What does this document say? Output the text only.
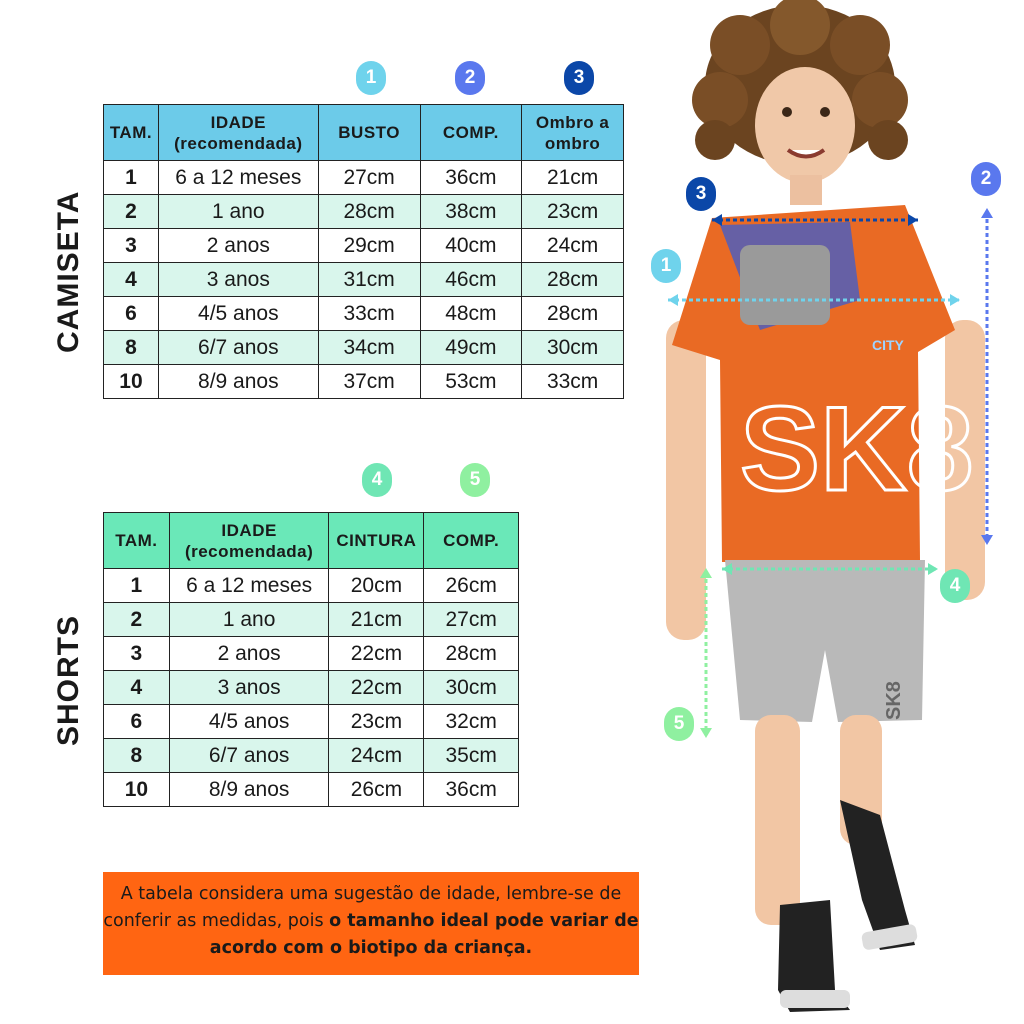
CAMISETA
SHORTS
1	2	3
TAM.	IDADE (recomendada)	BUSTO	COMP.	Ombro a ombro
1	6 a 12 meses	27cm	36cm	21cm
2	1 ano	28cm	38cm	23cm
3	2 anos	29cm	40cm	24cm
4	3 anos	31cm	46cm	28cm
6	4/5 anos	33cm	48cm	28cm
8	6/7 anos	34cm	49cm	30cm
10	8/9 anos	37cm	53cm	33cm
4	5
TAM.	IDADE (recomendada)	CINTURA	COMP.
1	6 a 12 meses	20cm	26cm
2	1 ano	21cm	27cm
3	2 anos	22cm	28cm
4	3 anos	22cm	30cm
6	4/5 anos	23cm	32cm
8	6/7 anos	24cm	35cm
10	8/9 anos	26cm	36cm
A tabela considera uma sugestão de idade, lembre-se de conferir as medidas, pois o tamanho ideal pode variar de acordo com o biotipo da criança.
CITY
SK8
SK8
3
2
1
4
5
